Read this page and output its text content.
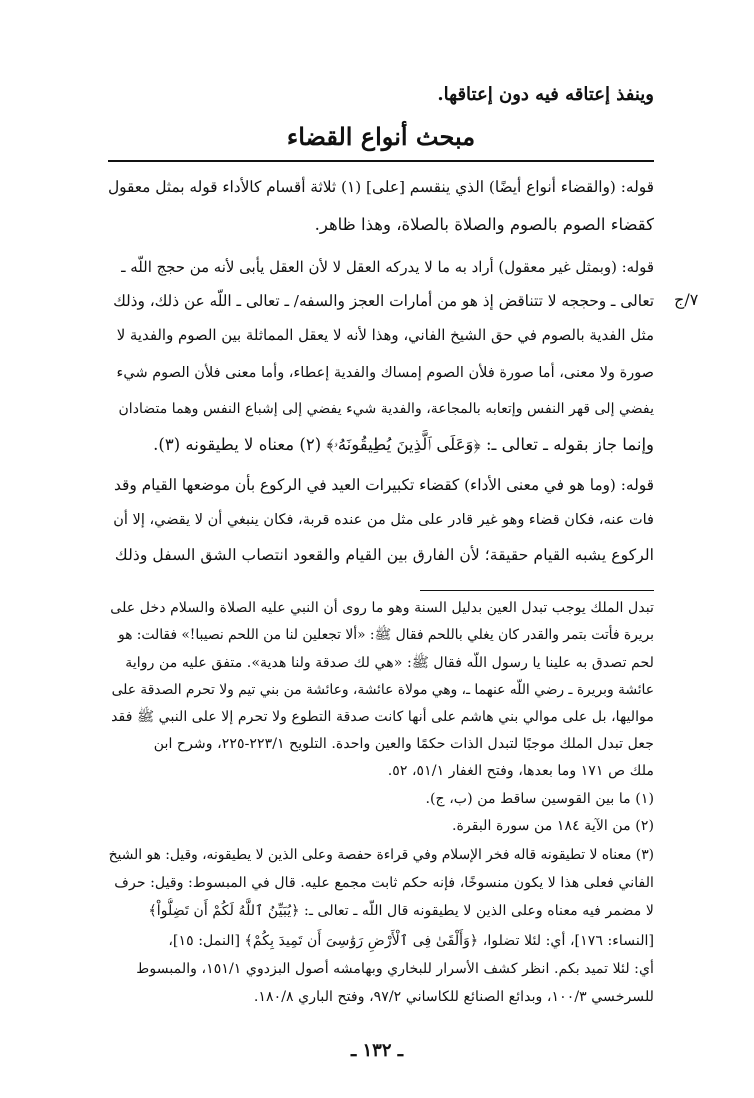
وينفذ إعتاقه فيه دون إعتاقها.
مبحث أنواع القضاء
٧/ج
قوله: (والقضاء أنواع أيضًا) الذي ينقسم [على] (١) ثلاثة أقسام كالأداء قوله بمثل معقول
كقضاء الصوم بالصوم والصلاة بالصلاة، وهذا ظاهر.
قوله: (وبمثل غير معقول) أراد به ما لا يدركه العقل لا لأن العقل يأبى لأنه من حجج اللّه ـ
تعالى ـ وحججه لا تتناقض إذ هو من أمارات العجز والسفه/ ـ تعالى ـ اللّه عن ذلك، وذلك
مثل الفدية بالصوم في حق الشيخ الفاني، وهذا لأنه لا يعقل المماثلة بين الصوم والفدية لا
صورة ولا معنى، أما صورة فلأن الصوم إمساك والفدية إعطاء، وأما معنى فلأن الصوم شيء
يفضي إلى قهر النفس وإتعابه بالمجاعة، والفدية شيء يفضي إلى إشباع النفس وهما متضادان
وإنما جاز بقوله ـ تعالى ـ: ﴿وَعَلَى ٱلَّذِينَ يُطِيقُونَهُۥ﴾ (٢) معناه لا يطيقونه (٣).
قوله: (وما هو في معنى الأداء) كقضاء تكبيرات العيد في الركوع بأن موضعها القيام وقد
فات عنه، فكان قضاء وهو غير قادر على مثل من عنده قربة، فكان ينبغي أن لا يقضي، إلا أن
الركوع يشبه القيام حقيقة؛ لأن الفارق بين القيام والقعود انتصاب الشق السفل وذلك
تبدل الملك يوجب تبدل العين بدليل السنة وهو ما روى أن النبي عليه الصلاة والسلام دخل على
بريرة فأتت بتمر والقدر كان يغلي باللحم فقال ﷺ: «ألا تجعلين لنا من اللحم نصيبا!» فقالت: هو
لحم تصدق به علينا يا رسول اللّه فقال ﷺ: «هي لك صدقة ولنا هدية». متفق عليه من رواية
عائشة وبريرة ـ رضي اللّه عنهما ـ، وهي مولاة عائشة، وعائشة من بني تيم ولا تحرم الصدقة على
مواليها، بل على موالي بني هاشم على أنها كانت صدقة التطوع ولا تحرم إلا على النبي ﷺ فقد
جعل تبدل الملك موجبًا لتبدل الذات حكمًا والعين واحدة. التلويح ٢٢٣/١-٢٢٥، وشرح ابن
ملك ص ١٧١ وما بعدها، وفتح الغفار ٥١/١، ٥٢.
(١) ما بين القوسين ساقط من (ب، ج).
(٢) من الآية ١٨٤ من سورة البقرة.
(٣) معناه لا تطيقونه قاله فخر الإسلام وفي قراءة حفصة وعلى الذين لا يطيقونه، وقيل: هو الشيخ
الفاني فعلى هذا لا يكون منسوخًا، فإنه حكم ثابت مجمع عليه. قال في المبسوط: وقيل: حرف
لا مضمر فيه معناه وعلى الذين لا يطيقونه قال اللّه ـ تعالى ـ: ﴿يُبَيِّنُ ٱللَّهُ لَكُمْ أَن تَضِلُّواْ﴾
[النساء: ١٧٦]، أي: لئلا تضلوا، ﴿وَأَلْقَىٰ فِى ٱلْأَرْضِ رَوَٰسِىَ أَن تَمِيدَ بِكُمْ﴾ [النمل: ١٥]،
أي: لئلا تميد بكم. انظر كشف الأسرار للبخاري وبهامشه أصول البزدوي ١٥١/١، والمبسوط
للسرخسي ١٠٠/٣، وبدائع الصنائع للكاساني ٩٧/٢، وفتح الباري ١٨٠/٨.
ـ ١٣٢ ـ
